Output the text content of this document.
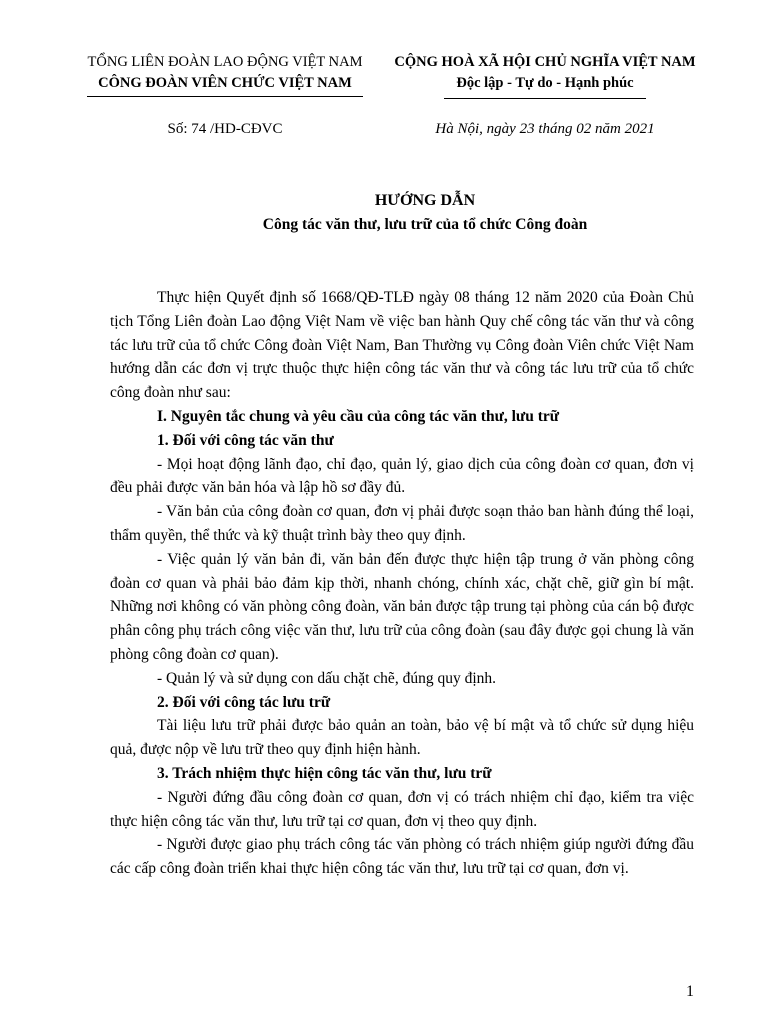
TỔNG LIÊN ĐOÀN LAO ĐỘNG VIỆT NAM
CÔNG ĐOÀN VIÊN CHỨC VIỆT NAM
CỘNG HOÀ XÃ HỘI CHỦ NGHĨA VIỆT NAM
Độc lập - Tự do - Hạnh phúc
Số: 74 /HD-CĐVC	Hà Nội, ngày 23 tháng 02 năm 2021
HƯỚNG DẪN
Công tác văn thư, lưu trữ của tổ chức Công đoàn

Thực hiện Quyết định số 1668/QĐ-TLĐ ngày 08 tháng 12 năm 2020 của Đoàn Chủ tịch Tổng Liên đoàn Lao động Việt Nam về việc ban hành Quy chế công tác văn thư và công tác lưu trữ của tổ chức Công đoàn Việt Nam, Ban Thường vụ Công đoàn Viên chức Việt Nam hướng dẫn các đơn vị trực thuộc thực hiện công tác văn thư và công tác lưu trữ của tổ chức công đoàn như sau:

I. Nguyên tắc chung và yêu cầu của công tác văn thư, lưu trữ

1. Đối với công tác văn thư

- Mọi hoạt động lãnh đạo, chỉ đạo, quản lý, giao dịch của công đoàn cơ quan, đơn vị đều phải được văn bản hóa và lập hồ sơ đầy đủ.

- Văn bản của công đoàn cơ quan, đơn vị phải được soạn thảo ban hành đúng thể loại, thẩm quyền, thể thức và kỹ thuật trình bày theo quy định.

- Việc quản lý văn bản đi, văn bản đến được thực hiện tập trung ở văn phòng công đoàn cơ quan và phải bảo đảm kịp thời, nhanh chóng, chính xác, chặt chẽ, giữ gìn bí mật. Những nơi không có văn phòng công đoàn, văn bản được tập trung tại phòng của cán bộ được phân công phụ trách công việc văn thư, lưu trữ của công đoàn (sau đây được gọi chung là văn phòng công đoàn cơ quan).

- Quản lý và sử dụng con dấu chặt chẽ, đúng quy định.

2. Đối với công tác lưu trữ

Tài liệu lưu trữ phải được bảo quản an toàn, bảo vệ bí mật và tổ chức sử dụng hiệu quả, được nộp về lưu trữ theo quy định hiện hành.

3. Trách nhiệm thực hiện công tác văn thư, lưu trữ

- Người đứng đầu công đoàn cơ quan, đơn vị có trách nhiệm chỉ đạo, kiểm tra việc thực hiện công tác văn thư, lưu trữ tại cơ quan, đơn vị theo quy định.

- Người được giao phụ trách công tác văn phòng có trách nhiệm giúp người đứng đầu các cấp công đoàn triển khai thực hiện công tác văn thư, lưu trữ tại cơ quan, đơn vị.

1
